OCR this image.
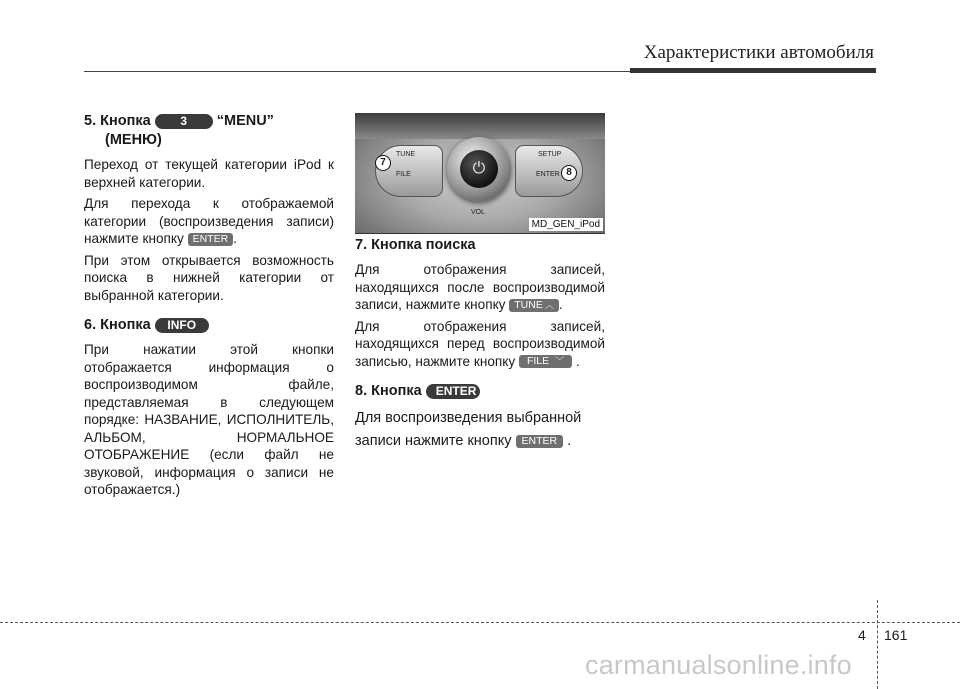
Характеристики автомобиля
5. Кнопка 3 “MENU”
(МЕНЮ)

Переход от текущей категории iPod к верхней категории.

Для перехода к отображаемой категории (воспроизведения записи) нажмите кнопку ENTER .

При этом открывается возможность поиска в нижней категории от выбранной категории.

6. Кнопка INFO

При нажатии этой кнопки отображается информация о воспроизводимом файле, представляемая в следующем порядке: НАЗВАНИЕ, ИСПОЛНИТЕЛЬ, АЛЬБОМ, НОРМАЛЬНОЕ ОТОБРАЖЕНИЕ (если файл не звуковой, информация о записи не отображается.)

TUNE
FILE
SETUP
ENTER
⏻
VOL
7
8
MD_GEN_iPod
7. Кнопка поиска

Для отображения записей, находящихся после воспроизводимой записи, нажмите кнопку TUNE ︿ .

Для отображения записей, находящихся перед воспроизводимой записью, нажмите кнопку FILE ﹀ .

8. Кнопка ENTER

Для воспроизведения выбранной записи нажмите кнопку ENTER .

4 161
carmanualsonline.info
